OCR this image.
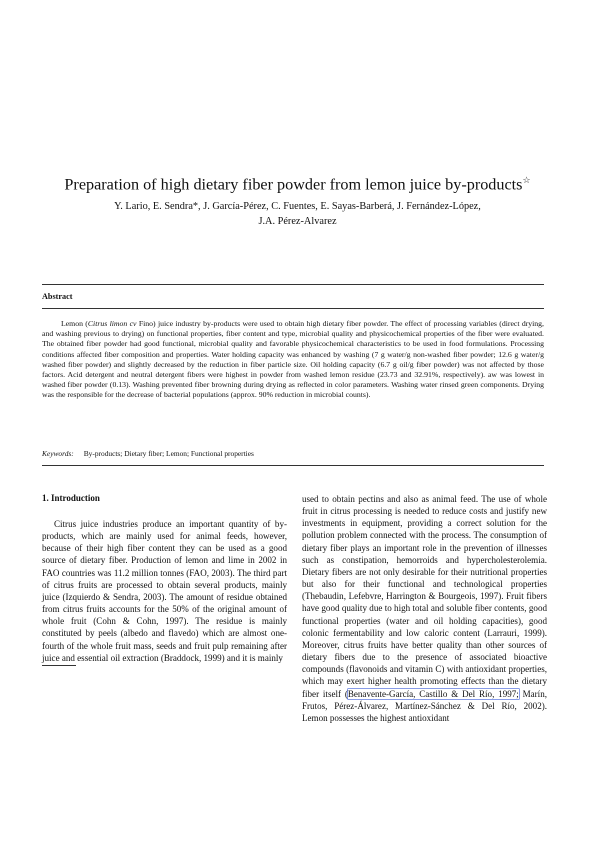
Preparation of high dietary fiber powder from lemon juice by-products☆
Y. Lario, E. Sendra*, J. García-Pérez, C. Fuentes, E. Sayas-Barberá, J. Fernández-López,
J.A. Pérez-Alvarez
Abstract
Lemon (Citrus limon cv Fino) juice industry by-products were used to obtain high dietary fiber powder. The effect of processing variables (direct drying, and washing previous to drying) on functional properties, fiber content and type, microbial quality and physicochemical properties of the fiber were evaluated. The obtained fiber powder had good functional, microbial quality and favorable physicochemical characteristics to be used in food formulations. Processing conditions affected fiber composition and properties. Water holding capacity was enhanced by washing (7 g water/g non-washed fiber powder; 12.6 g water/g washed fiber powder) and slightly decreased by the reduction in fiber particle size. Oil holding capacity (6.7 g oil/g fiber powder) was not affected by those factors. Acid detergent and neutral detergent fibers were highest in powder from washed lemon residue (23.73 and 32.91%, respectively). aw was lowest in washed fiber powder (0.13). Washing prevented fiber browning during drying as reflected in color parameters. Washing water rinsed green components. Drying was the responsible for the decrease of bacterial populations (approx. 90% reduction in microbial counts).
Keywords: By-products; Dietary fiber; Lemon; Functional properties
1. Introduction
Citrus juice industries produce an important quantity of by-products, which are mainly used for animal feeds, however, because of their high fiber content they can be used as a good source of dietary fiber. Production of lemon and lime in 2002 in FAO countries was 11.2 million tonnes (FAO, 2003). The third part of citrus fruits are processed to obtain several products, mainly juice (Izquierdo & Sendra, 2003). The amount of residue obtained from citrus fruits accounts for the 50% of the original amount of whole fruit (Cohn & Cohn, 1997). The residue is mainly constituted by peels (albedo and flavedo) which are almost one-fourth of the whole fruit mass, seeds and fruit pulp remaining after juice and essential oil extraction (Braddock, 1999) and it is mainly
used to obtain pectins and also as animal feed. The use of whole fruit in citrus processing is needed to reduce costs and justify new investments in equipment, providing a correct solution for the pollution problem connected with the process. The consumption of dietary fiber plays an important role in the prevention of illnesses such as constipation, hemorroids and hypercholesterolemia. Dietary fibers are not only desirable for their nutritional properties but also for their functional and technological properties (Thebaudin, Lefebvre, Harrington & Bourgeois, 1997). Fruit fibers have good quality due to high total and soluble fiber contents, good functional properties (water and oil holding capacities), good colonic fermentability and low caloric content (Larrauri, 1999). Moreover, citrus fruits have better quality than other sources of dietary fibers due to the presence of associated bioactive compounds (flavonoids and vitamin C) with antioxidant properties, which may exert higher health promoting effects than the dietary fiber itself (Benavente-García, Castillo & Del Río, 1997; Marín, Frutos, Pérez-Álvarez, Martínez-Sánchez & Del Río, 2002). Lemon possesses the highest antioxidant
